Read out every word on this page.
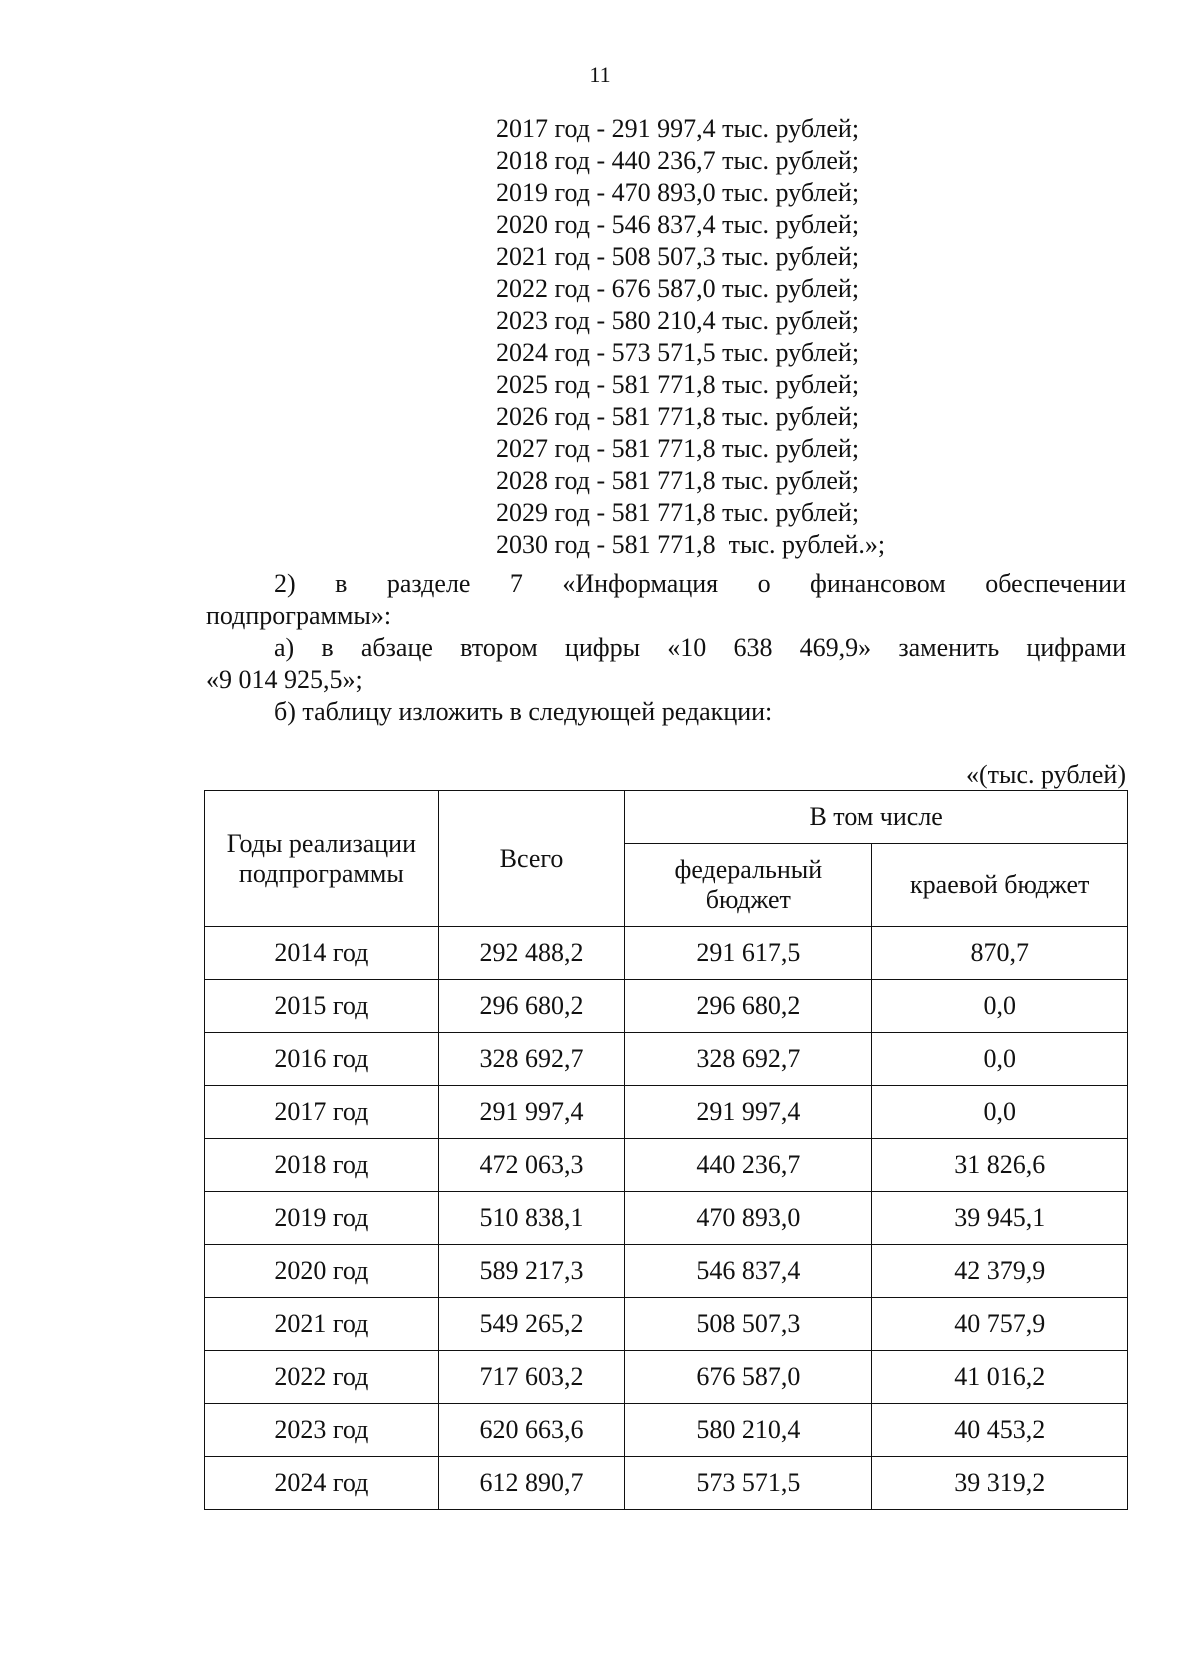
11
2017 год - 291 997,4 тыс. рублей;
2018 год - 440 236,7 тыс. рублей;
2019 год - 470 893,0 тыс. рублей;
2020 год - 546 837,4 тыс. рублей;
2021 год - 508 507,3 тыс. рублей;
2022 год - 676 587,0 тыс. рублей;
2023 год - 580 210,4 тыс. рублей;
2024 год - 573 571,5 тыс. рублей;
2025 год - 581 771,8 тыс. рублей;
2026 год - 581 771,8 тыс. рублей;
2027 год - 581 771,8 тыс. рублей;
2028 год - 581 771,8 тыс. рублей;
2029 год - 581 771,8 тыс. рублей;
2030 год - 581 771,8  тыс. рублей.»;
2) в разделе 7 «Информация о финансовом обеспечении
подпрограммы»:
а) в абзаце втором цифры «10 638 469,9» заменить цифрами
«9 014 925,5»;
б) таблицу изложить в следующей редакции:
«(тыс. рублей)
Годы реализации подпрограммы	Всего	В том числе	
		федеральный бюджет	краевой бюджет
2014 год	292 488,2	291 617,5	870,7
2015 год	296 680,2	296 680,2	0,0
2016 год	328 692,7	328 692,7	0,0
2017 год	291 997,4	291 997,4	0,0
2018 год	472 063,3	440 236,7	31 826,6
2019 год	510 838,1	470 893,0	39 945,1
2020 год	589 217,3	546 837,4	42 379,9
2021 год	549 265,2	508 507,3	40 757,9
2022 год	717 603,2	676 587,0	41 016,2
2023 год	620 663,6	580 210,4	40 453,2
2024 год	612 890,7	573 571,5	39 319,2
